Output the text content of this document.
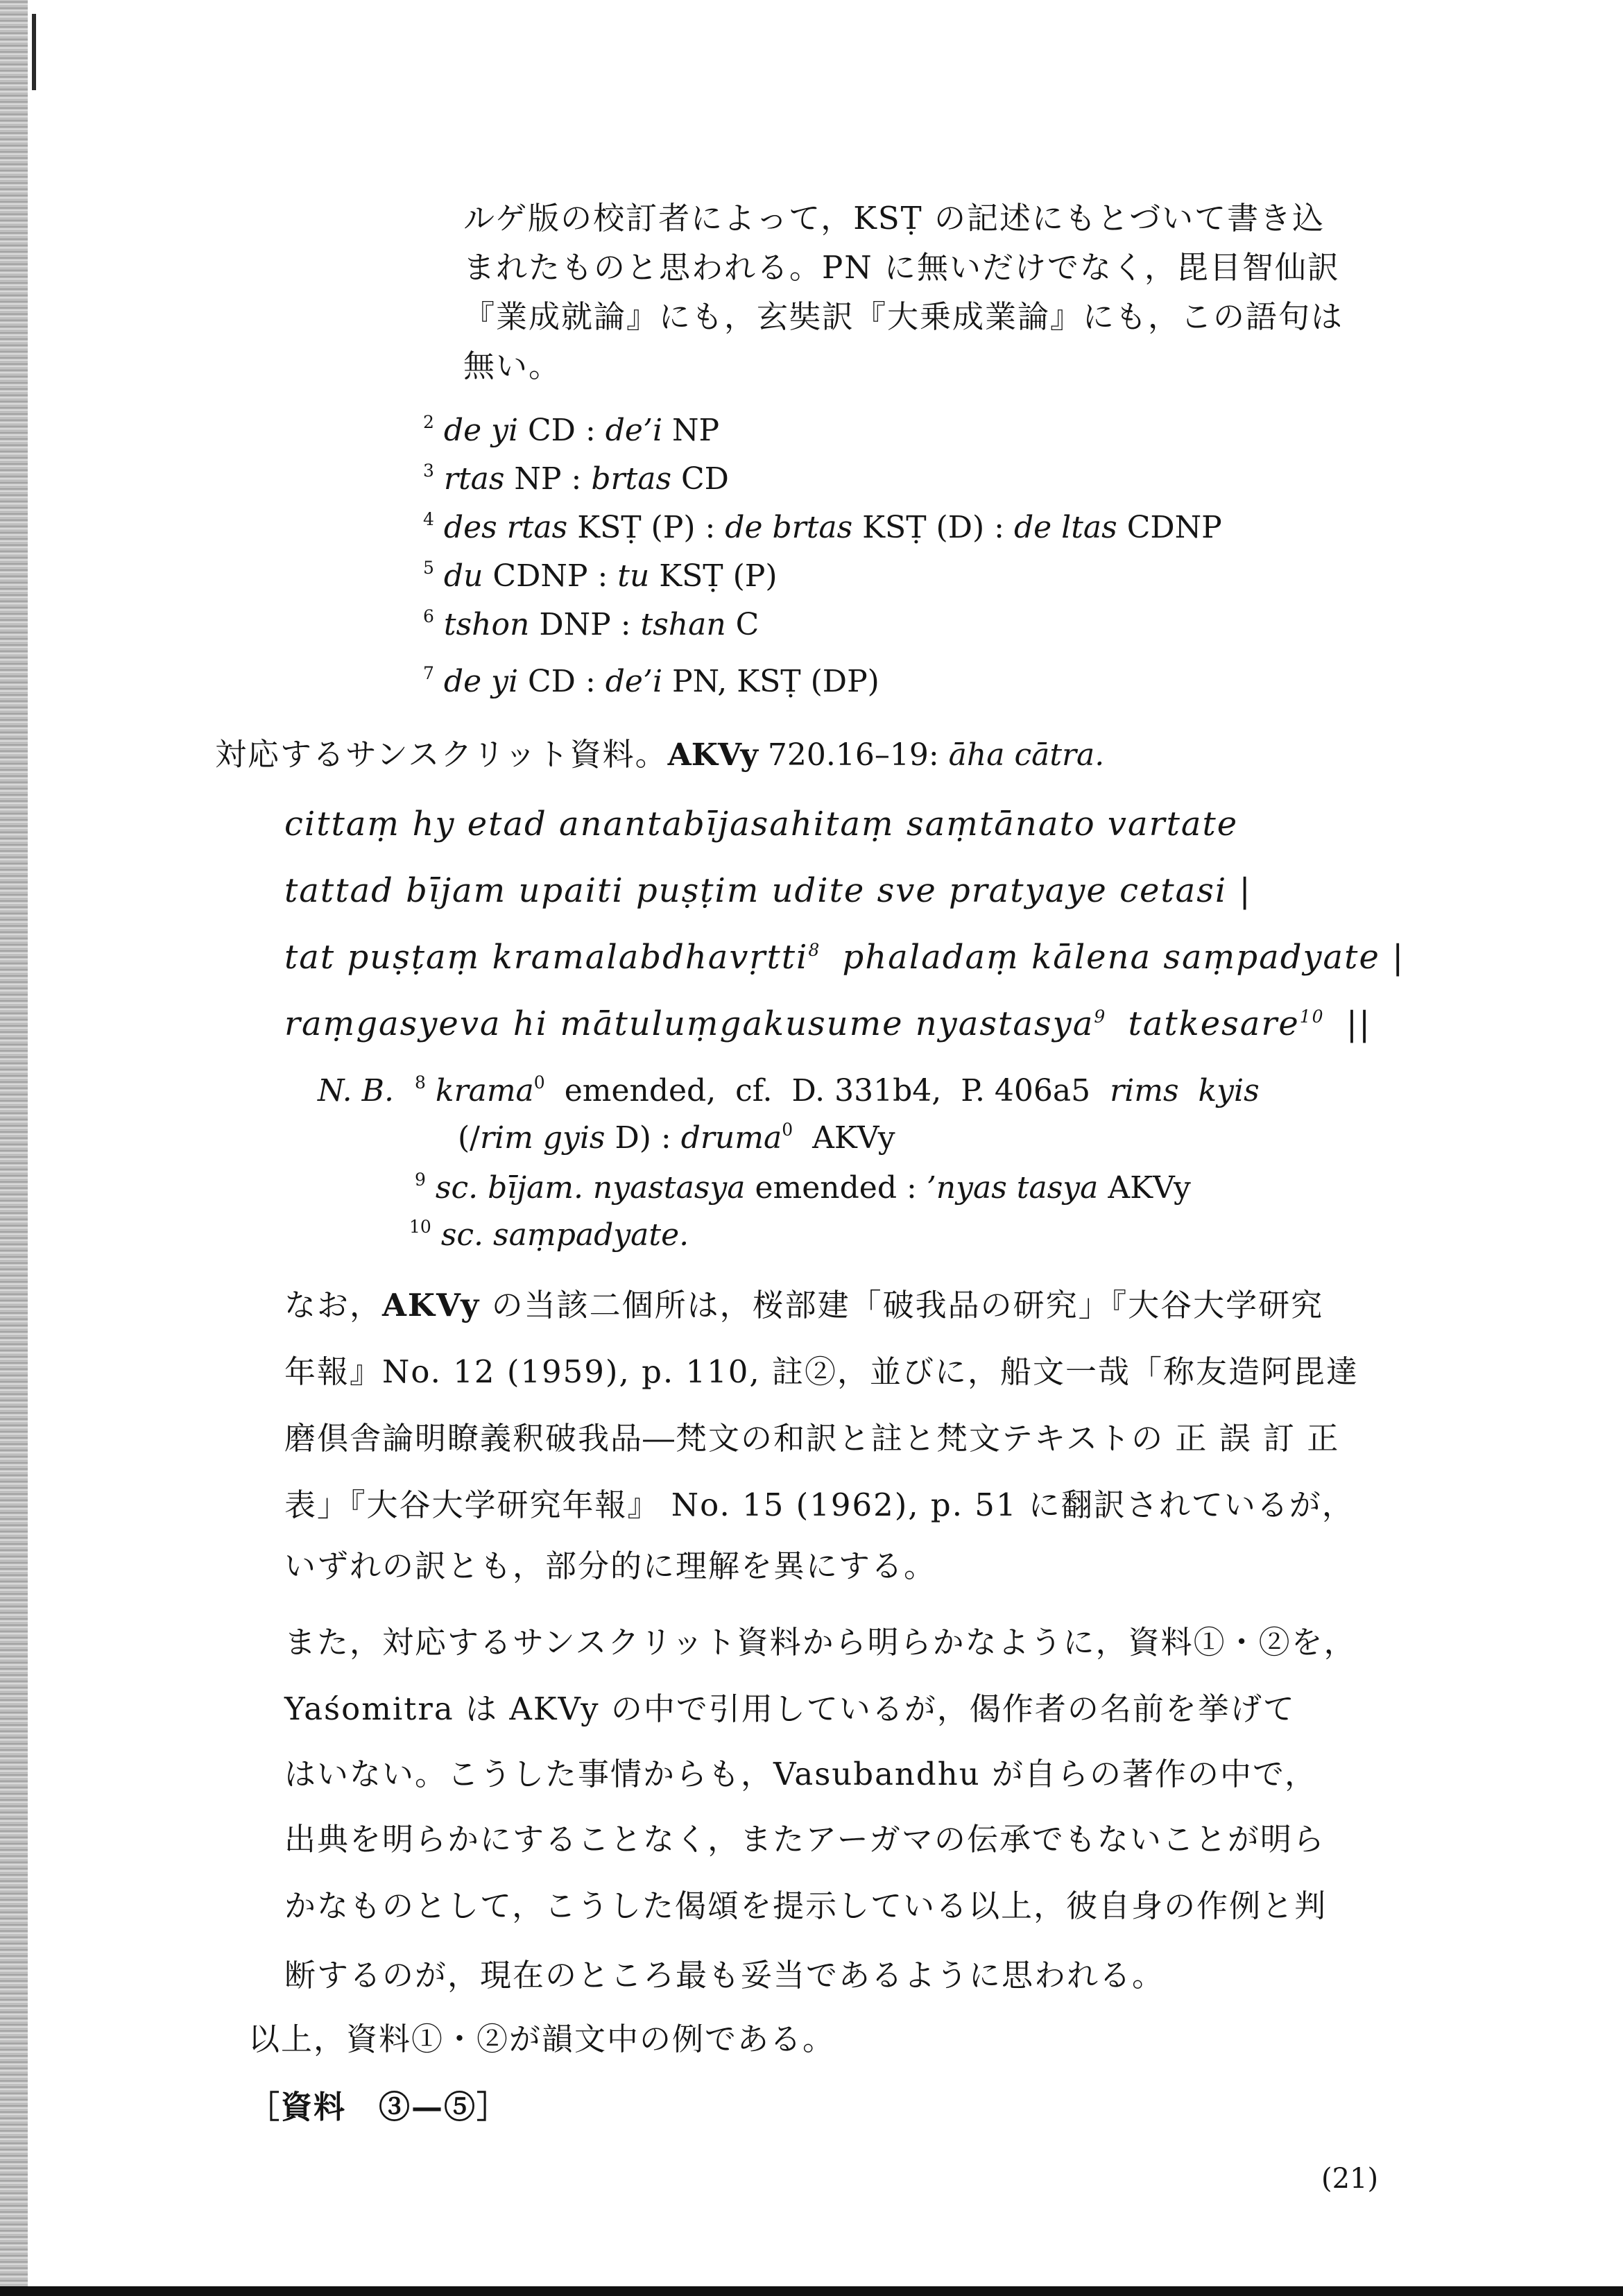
ルゲ版の校訂者によって，KSṬ の記述にもとづいて書き込
まれたものと思われる。PN に無いだけでなく，毘目智仙訳
『業成就論』にも，玄奘訳『大乗成業論』にも，この語句は
無い。
$^2$ de yi CD : de’i NP
$^3$ rtas NP : brtas CD
$^4$ des rtas KSṬ (P) : de brtas KSṬ (D) : de ltas CDNP
$^5$ du CDNP : tu KSṬ (P)
$^6$ tshon DNP : tshan C
$^7$ de yi CD : de’i PN, KSṬ (DP)
対応するサンスクリット資料。AKVy 720.16–19: āha cātra.
cittaṃ hy etad anantabījasahitaṃ saṃtānato vartate
tattad bījam upaiti puṣṭim udite sve pratyaye cetasi |
tat puṣṭaṃ kramalabdhavṛtti$^8$ phaladaṃ kālena saṃpadyate |
raṃgasyeva hi mātuluṃgakusume nyastasya$^9$ tatkesare$^{10}$ ||
N. B. $^8$ krama$^0$ emended,  cf.  D. 331b4,  P. 406a5  rims  kyis
(/rim gyis D) : druma$^0$ AKVy
$^9$ sc. bījam. nyastasya emended : ’nyas tasya AKVy
$^{10}$ sc. saṃpadyate.
なお，AKVy の当該二個所は，桜部建「破我品の研究」『大谷大学研究
年報』No. 12 (1959), p. 110, 註②，並びに，船文一哉「称友造阿毘達
磨倶舎論明瞭義釈破我品―梵文の和訳と註と梵文テキストの 正 誤 訂 正
表」『大谷大学研究年報』 No. 15 (1962), p. 51 に翻訳されているが，
いずれの訳とも，部分的に理解を異にする。
また，対応するサンスクリット資料から明らかなように，資料①・②を，
Yaśomitra は AKVy の中で引用しているが，偈作者の名前を挙げて
はいない。こうした事情からも，Vasubandhu が自らの著作の中で，
出典を明らかにすることなく，またアーガマの伝承でもないことが明ら
かなものとして，こうした偈頌を提示している以上，彼自身の作例と判
断するのが，現在のところ最も妥当であるように思われる。
以上，資料①・②が韻文中の例である。
［資料　③—⑤］
(21)
